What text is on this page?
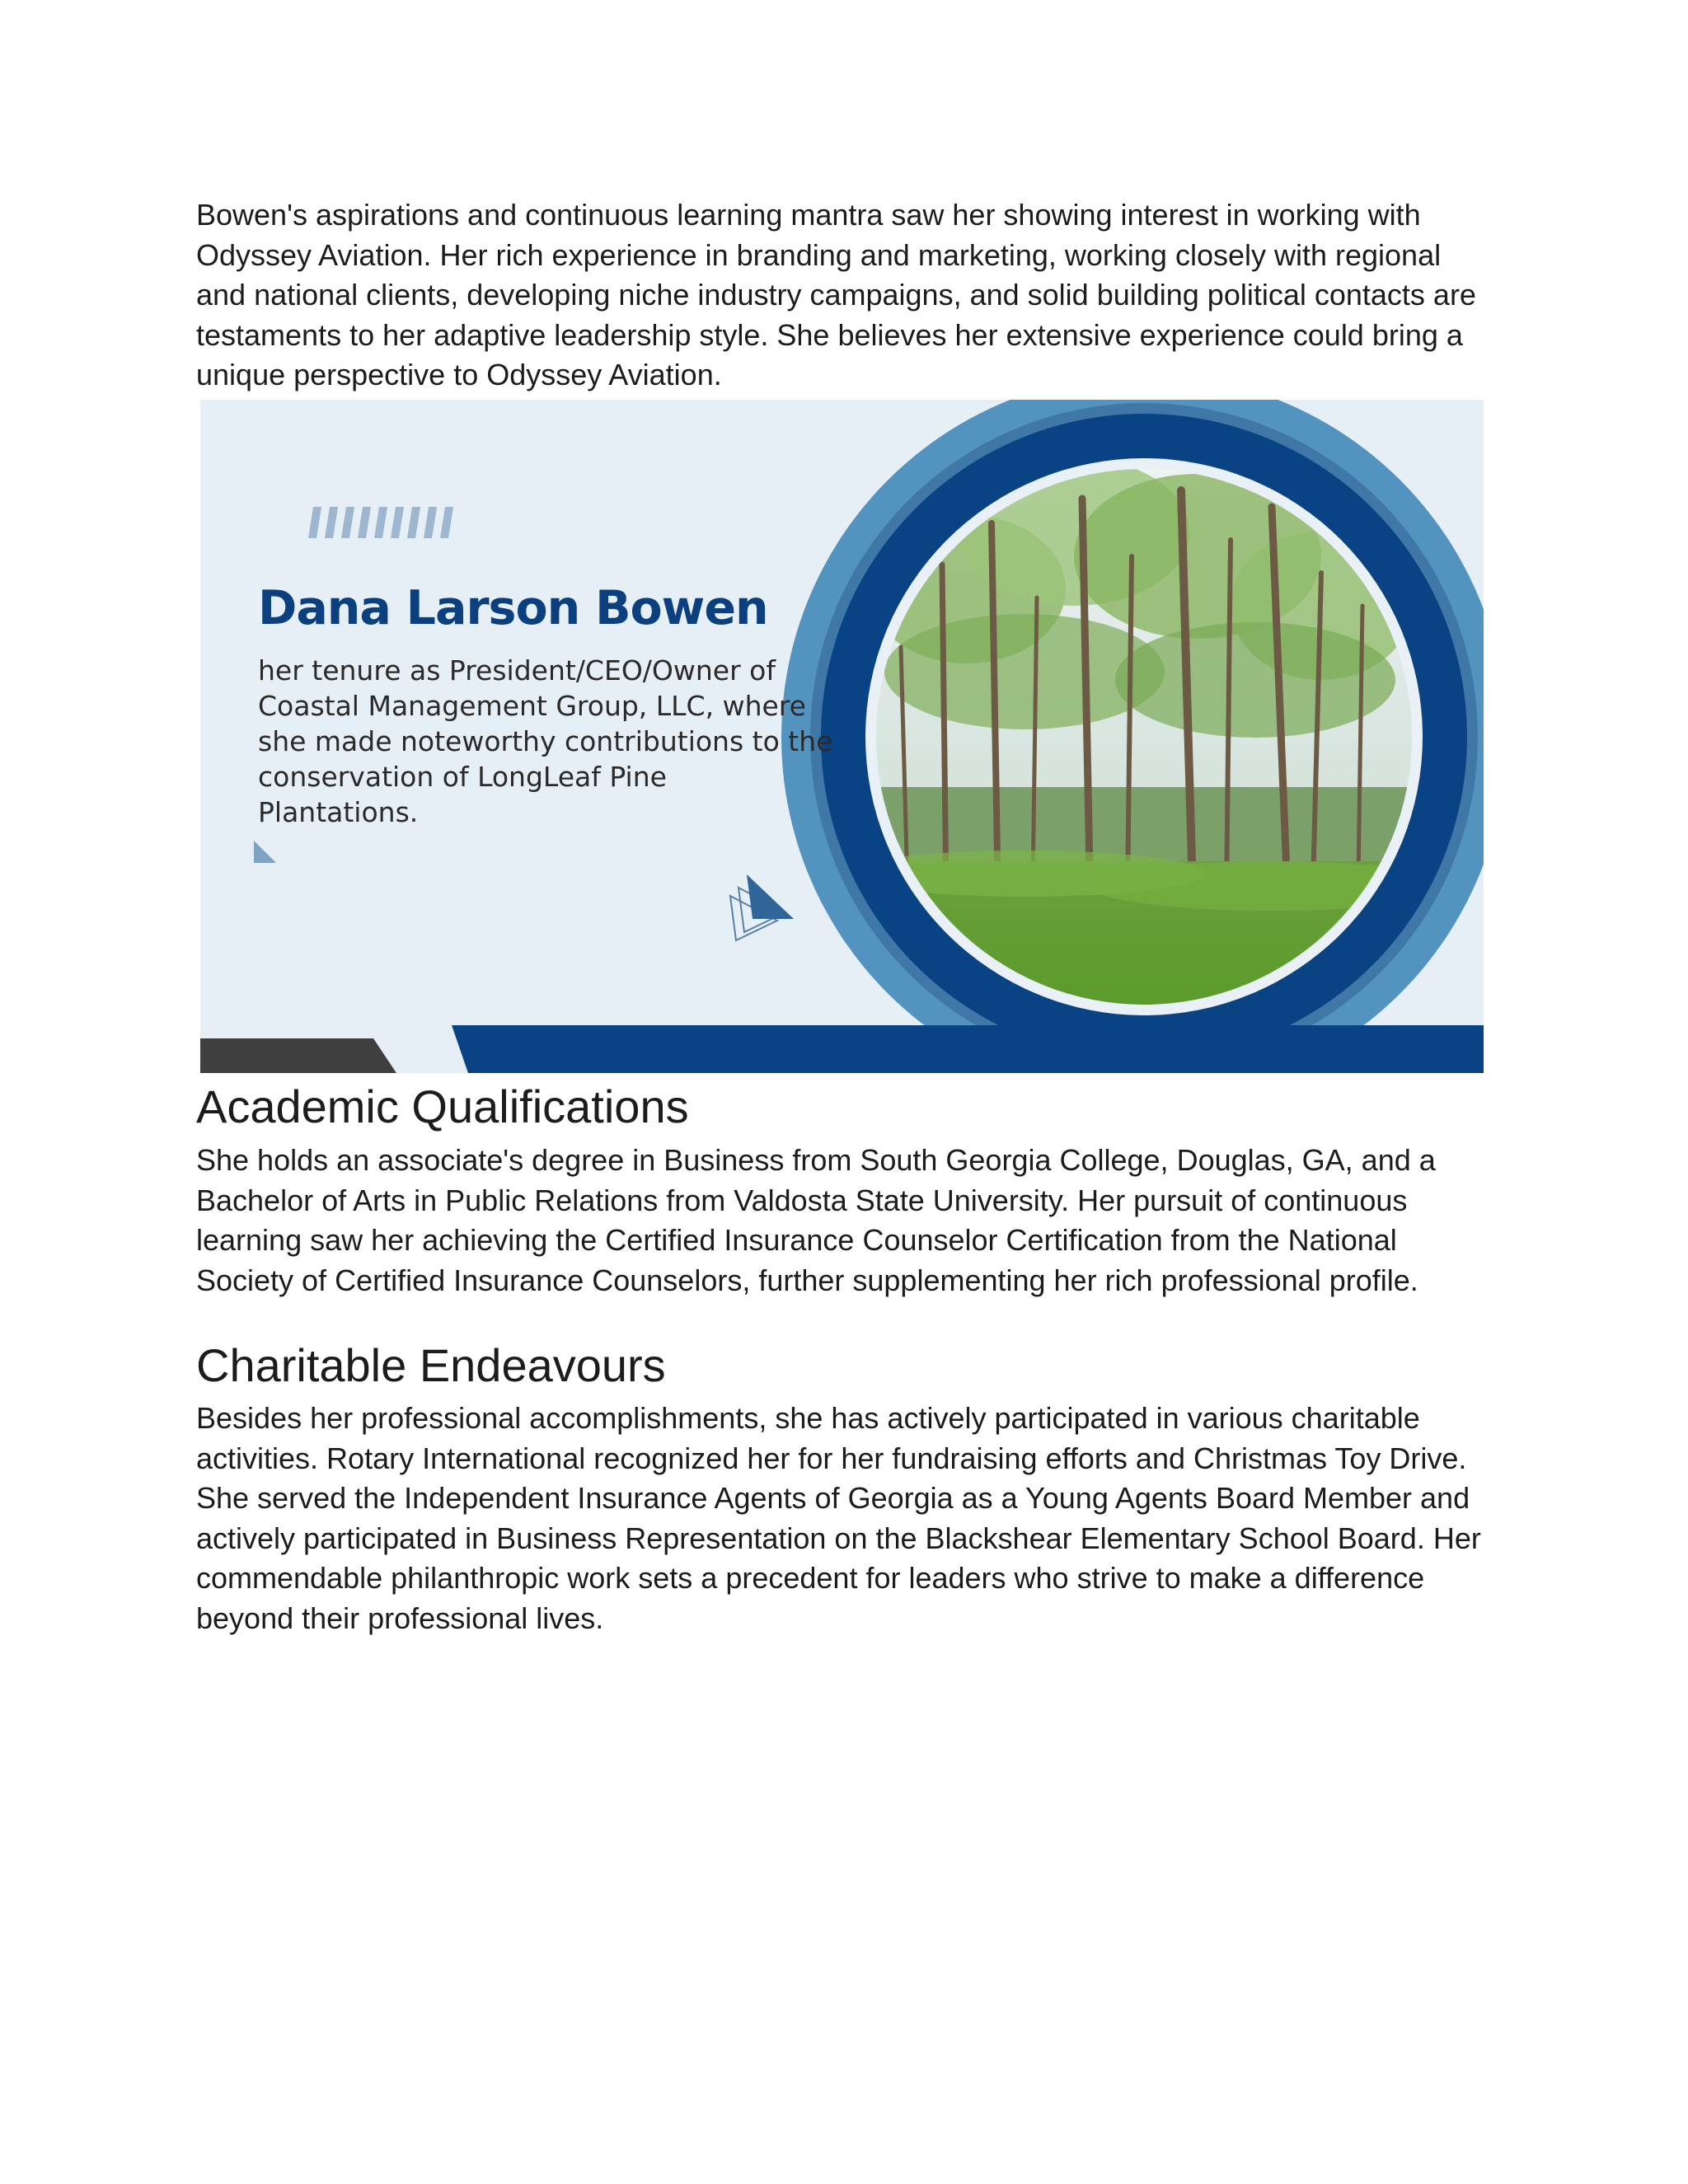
Bowen's aspirations and continuous learning mantra saw her showing interest in working with Odyssey Aviation. Her rich experience in branding and marketing, working closely with regional and national clients, developing niche industry campaigns, and solid building political contacts are testaments to her adaptive leadership style. She believes her extensive experience could bring a unique perspective to Odyssey Aviation.

Dana Larson Bowen
her tenure as President/CEO/Owner of Coastal Management Group, LLC, where she made noteworthy contributions to the conservation of LongLeaf Pine Plantations.
Academic Qualifications

She holds an associate's degree in Business from South Georgia College, Douglas, GA, and a Bachelor of Arts in Public Relations from Valdosta State University. Her pursuit of continuous learning saw her achieving the Certified Insurance Counselor Certification from the National Society of Certified Insurance Counselors, further supplementing her rich professional profile.

Charitable Endeavours

Besides her professional accomplishments, she has actively participated in various charitable activities. Rotary International recognized her for her fundraising efforts and Christmas Toy Drive. She served the Independent Insurance Agents of Georgia as a Young Agents Board Member and actively participated in Business Representation on the Blackshear Elementary School Board. Her commendable philanthropic work sets a precedent for leaders who strive to make a difference beyond their professional lives.
